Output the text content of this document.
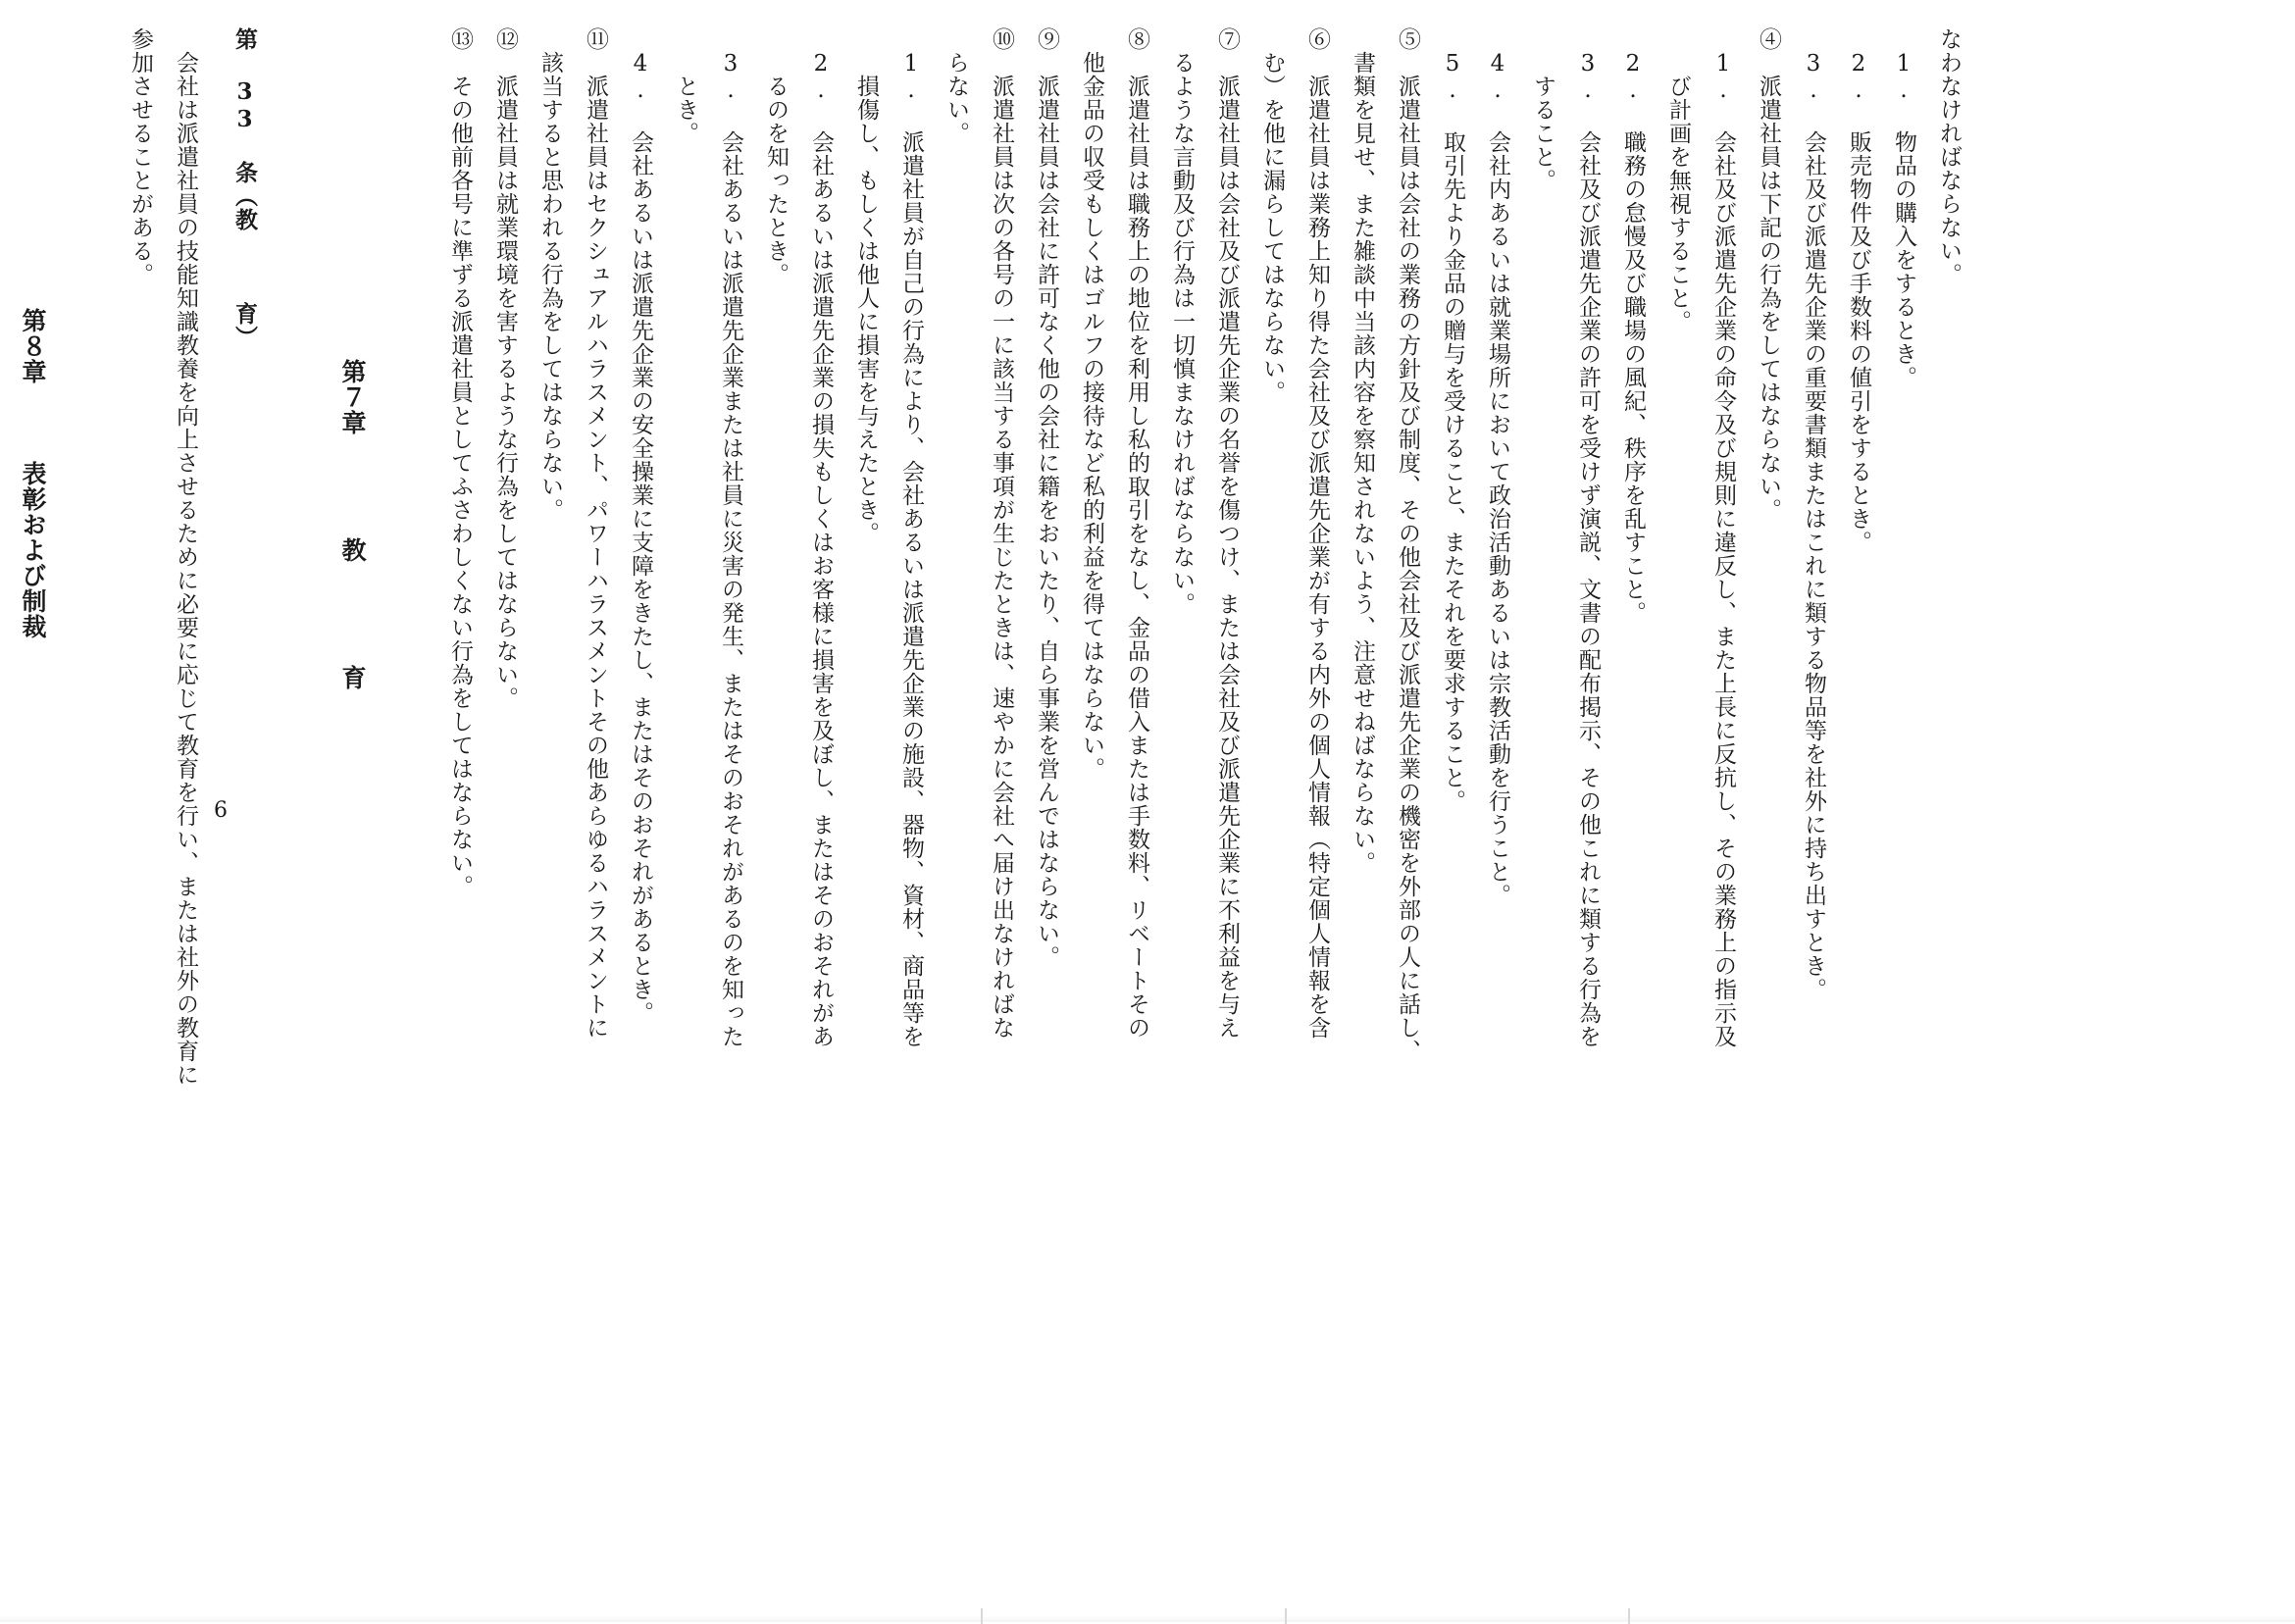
なわなければならない。
　1. 物品の購入をするとき。
　2. 販売物件及び手数料の値引をするとき。
　3. 会社及び派遣先企業の重要書類またはこれに類する物品等を社外に持ち出すとき。
④　派遣社員は下記の行為をしてはならない。
　1. 会社及び派遣先企業の命令及び規則に違反し、また上長に反抗し、その業務上の指示及
　　び計画を無視すること。
　2. 職務の怠慢及び職場の風紀、秩序を乱すこと。
　3. 会社及び派遣先企業の許可を受けず演説、文書の配布掲示、その他これに類する行為を
　　すること。
　4. 会社内あるいは就業場所において政治活動あるいは宗教活動を行うこと。
　5. 取引先より金品の贈与を受けること、またそれを要求すること。
⑤　派遣社員は会社の業務の方針及び制度、その他会社及び派遣先企業の機密を外部の人に話し、
　書類を見せ、また雑談中当該内容を察知されないよう、注意せねばならない。
⑥　派遣社員は業務上知り得た会社及び派遣先企業が有する内外の個人情報（特定個人情報を含
　む）を他に漏らしてはならない。
⑦　派遣社員は会社及び派遣先企業の名誉を傷つけ、または会社及び派遣先企業に不利益を与え
　るような言動及び行為は一切慎まなければならない。
⑧　派遣社員は職務上の地位を利用し私的取引をなし、金品の借入または手数料、リベートその
　他金品の収受もしくはゴルフの接待など私的利益を得てはならない。
⑨　派遣社員は会社に許可なく他の会社に籍をおいたり、自ら事業を営んではならない。
⑩　派遣社員は次の各号の一に該当する事項が生じたときは、速やかに会社へ届け出なければな
　らない。
　1. 派遣社員が自己の行為により、会社あるいは派遣先企業の施設、器物、資材、商品等を
　　損傷し、もしくは他人に損害を与えたとき。
　2. 会社あるいは派遣先企業の損失もしくはお客様に損害を及ぼし、またはそのおそれがあ
　　るのを知ったとき。
　3. 会社あるいは派遣先企業または社員に災害の発生、またはそのおそれがあるのを知った
　　とき。
　4. 会社あるいは派遣先企業の安全操業に支障をきたし、またはそのおそれがあるとき。
⑪　派遣社員はセクシュアルハラスメント、パワーハラスメントその他あらゆるハラスメントに
　該当すると思われる行為をしてはならない。
⑫　派遣社員は就業環境を害するような行為をしてはならない。
⑬　その他前各号に準ずる派遣社員としてふさわしくない行為をしてはならない。
　　　　　　　　　　　　　第７章　　　　教　　　　育
第 33 条（教　　　育）
　会社は派遣社員の技能知識教養を向上させるために必要に応じて教育を行い、または社外の教育に
参加させることがある。
　　　　　　　　　　　第８章　　　表彰および制裁
6
